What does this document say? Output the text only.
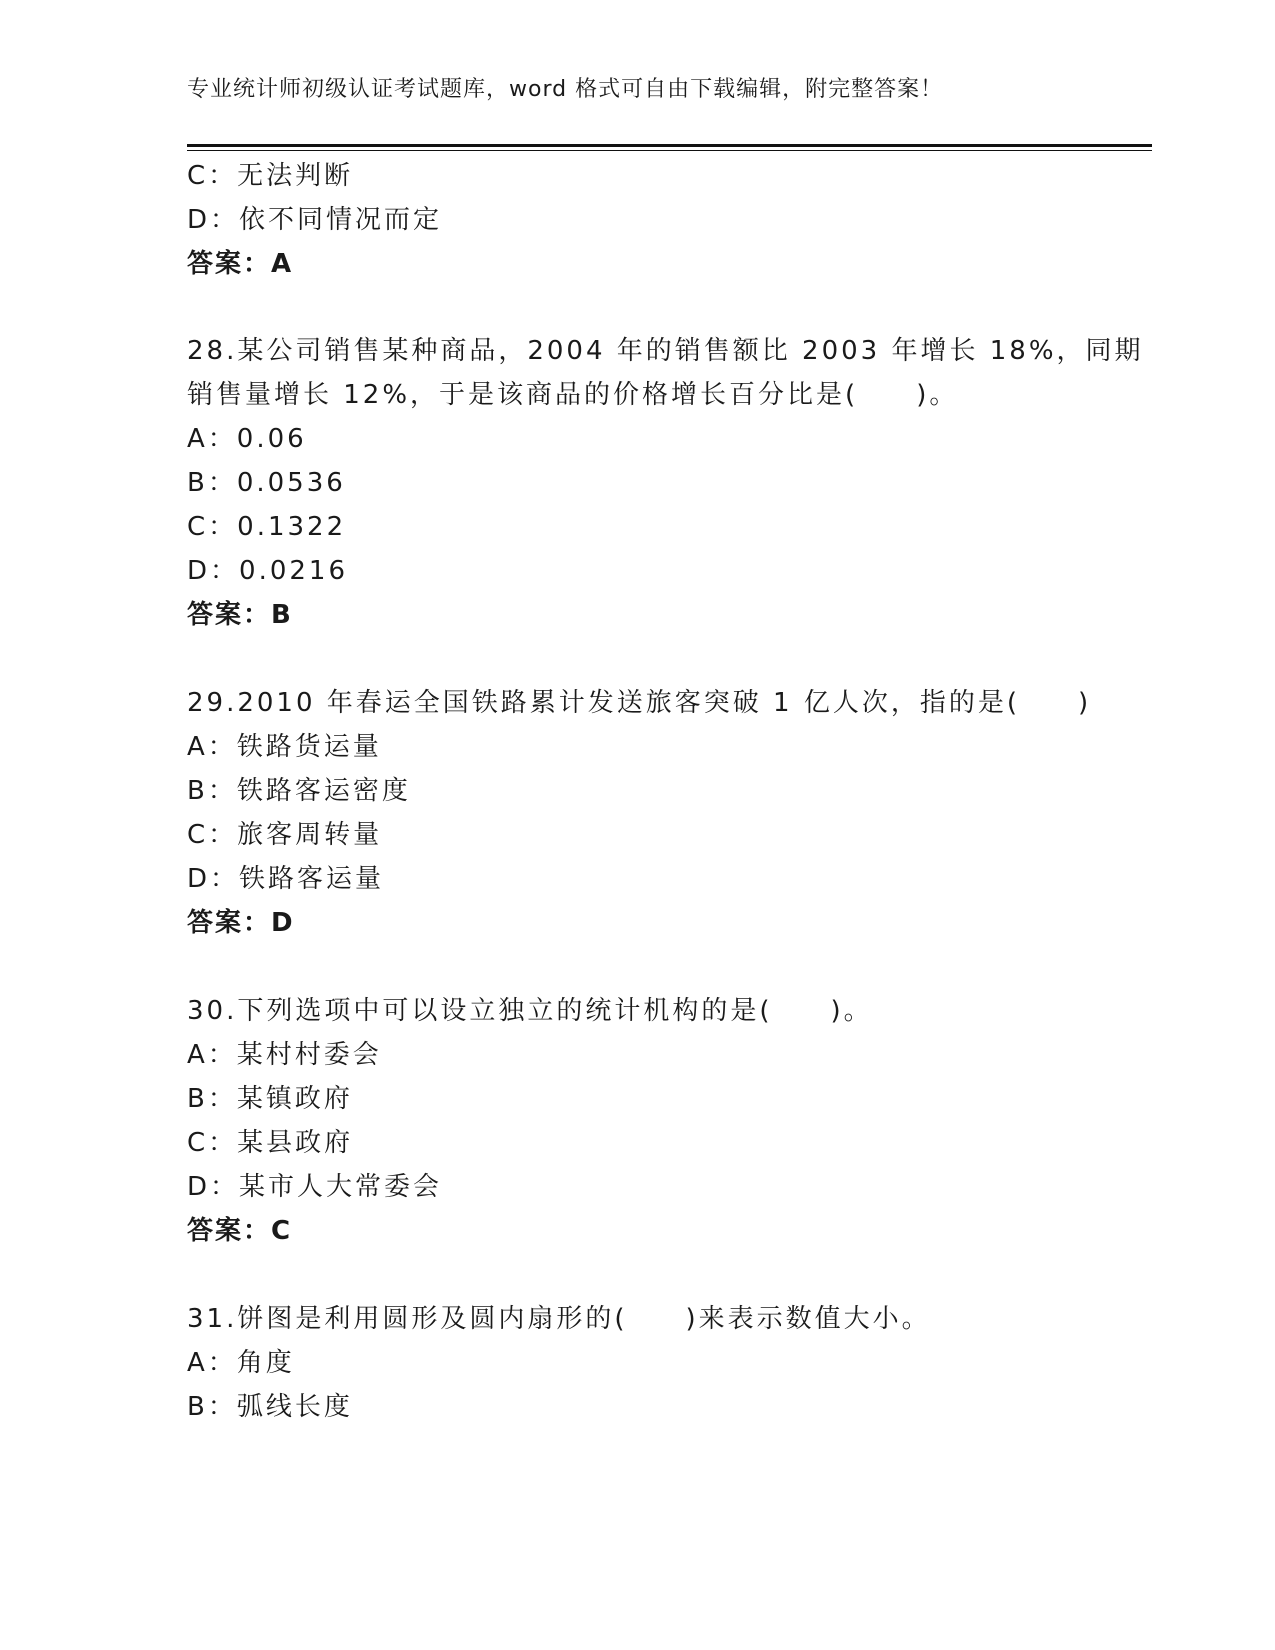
专业统计师初级认证考试题库，word 格式可自由下载编辑，附完整答案！
C：无法判断
D：依不同情况而定
答案：A
28.某公司销售某种商品，2004 年的销售额比 2003 年增长 18%，同期
销售量增长 12%，于是该商品的价格增长百分比是(　　)。
A：0.06
B：0.0536
C：0.1322
D：0.0216
答案：B
29.2010 年春运全国铁路累计发送旅客突破 1 亿人次，指的是(　　)
A：铁路货运量
B：铁路客运密度
C：旅客周转量
D：铁路客运量
答案：D
30.下列选项中可以设立独立的统计机构的是(　　)。
A：某村村委会
B：某镇政府
C：某县政府
D：某市人大常委会
答案：C
31.饼图是利用圆形及圆内扇形的(　　)来表示数值大小。
A：角度
B：弧线长度
